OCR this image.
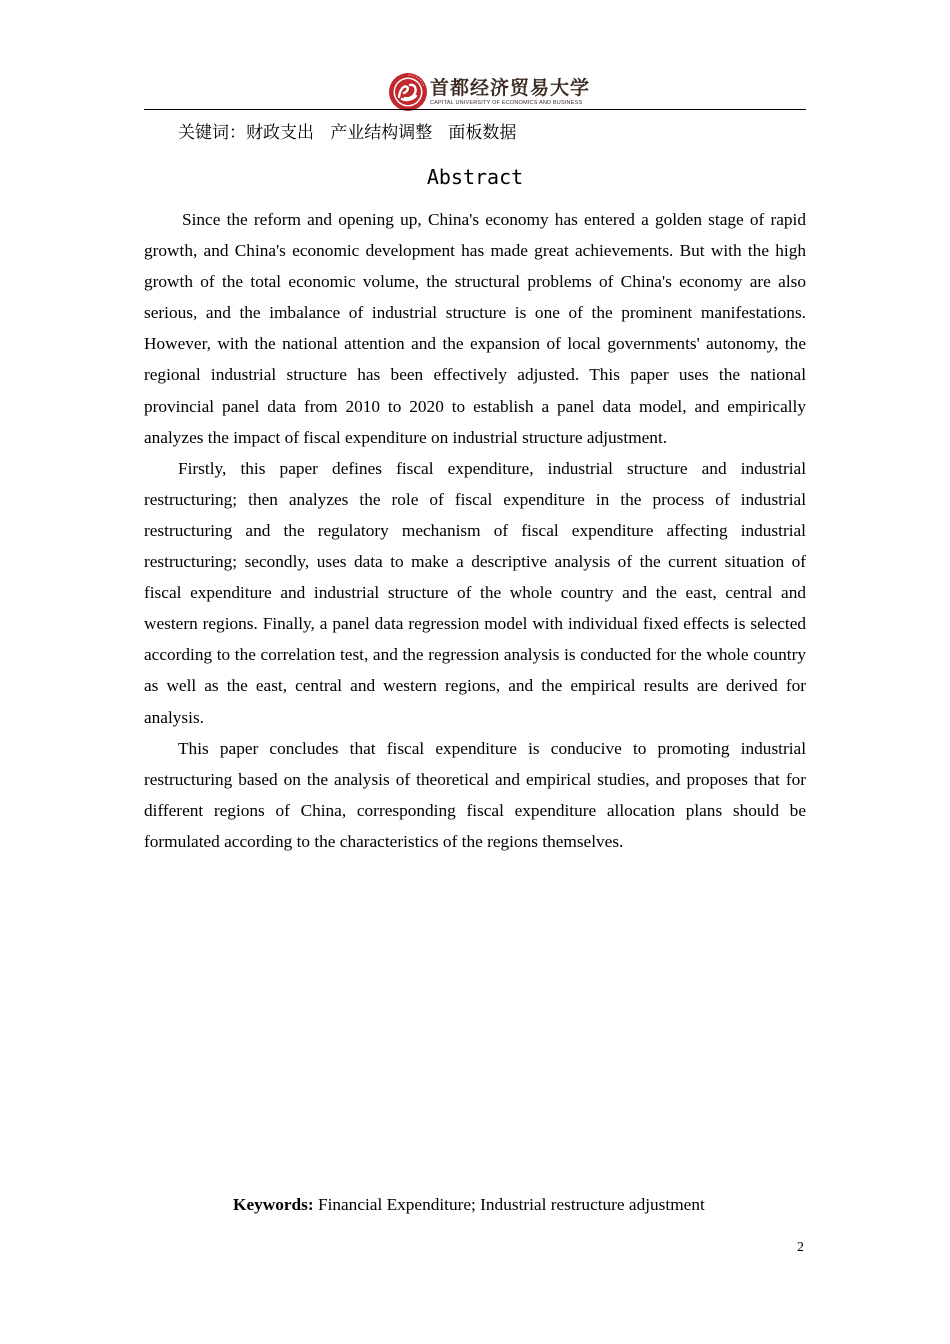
首都经济贸易大学
CAPITAL UNIVERSITY OF ECONOMICS AND BUSINESS
关键词：财政支出   产业结构调整   面板数据
Abstract

Since the reform and opening up, China's economy has entered a golden stage of rapid growth, and China's economic development has made great achievements. But with the high growth of the total economic volume, the structural problems of China's economy are also serious, and the imbalance of industrial structure is one of the prominent manifestations. However, with the national attention and the expansion of local governments' autonomy, the regional industrial structure has been effectively adjusted. This paper uses the national provincial panel data from 2010 to 2020 to establish a panel data model, and empirically analyzes the impact of fiscal expenditure on industrial structure adjustment.

Firstly, this paper defines fiscal expenditure, industrial structure and industrial restructuring; then analyzes the role of fiscal expenditure in the process of industrial restructuring and the regulatory mechanism of fiscal expenditure affecting industrial restructuring; secondly, uses data to make a descriptive analysis of the current situation of fiscal expenditure and industrial structure of the whole country and the east, central and western regions. Finally, a panel data regression model with individual fixed effects is selected according to the correlation test, and the regression analysis is conducted for the whole country as well as the east, central and western regions, and the empirical results are derived for analysis.

This paper concludes that fiscal expenditure is conducive to promoting industrial restructuring based on the analysis of theoretical and empirical studies, and proposes that for different regions of China, corresponding fiscal expenditure allocation plans should be formulated according to the characteristics of the regions themselves.

Keywords: Financial Expenditure; Industrial restructure adjustment
2
